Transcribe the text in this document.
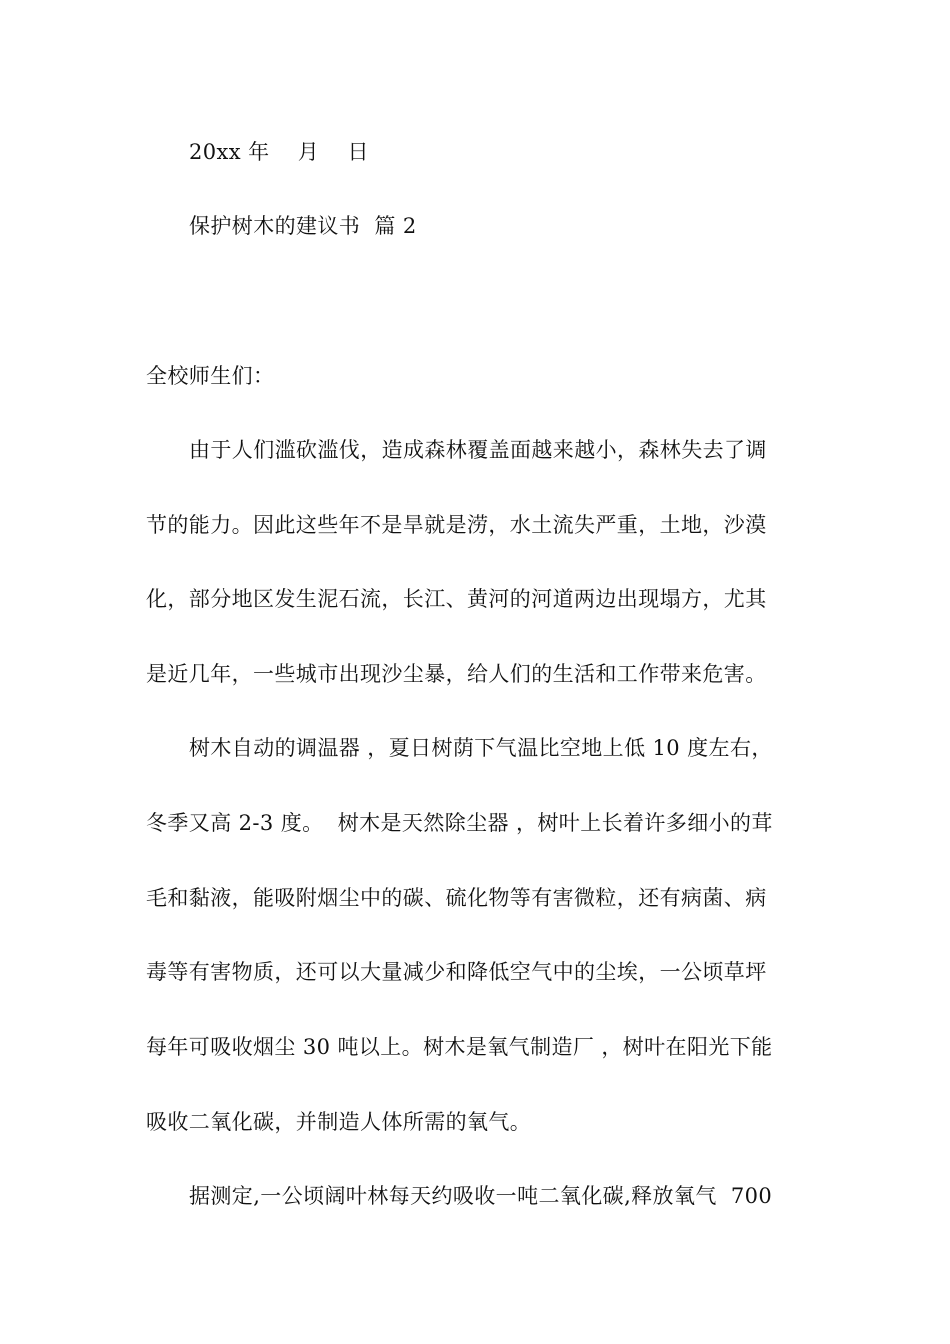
20xx 年    月    日
保护树木的建议书  篇 2
全校师生们：
由于人们滥砍滥伐，造成森林覆盖面越来越小，森林失去了调
节的能力。因此这些年不是旱就是涝，水土流失严重，土地，沙漠
化，部分地区发生泥石流，长江、黄河的河道两边出现塌方，尤其
是近几年，一些城市出现沙尘暴，给人们的生活和工作带来危害。
树木自动的调温器 ，夏日树荫下气温比空地上低 10 度左右，
冬季又高 2-3 度。  树木是天然除尘器 ，树叶上长着许多细小的茸
毛和黏液，能吸附烟尘中的碳、硫化物等有害微粒，还有病菌、病
毒等有害物质，还可以大量减少和降低空气中的尘埃，一公顷草坪
每年可吸收烟尘 30 吨以上。树木是氧气制造厂 ，树叶在阳光下能
吸收二氧化碳，并制造人体所需的氧气。
据测定,一公顷阔叶林每天约吸收一吨二氧化碳,释放氧气  700
